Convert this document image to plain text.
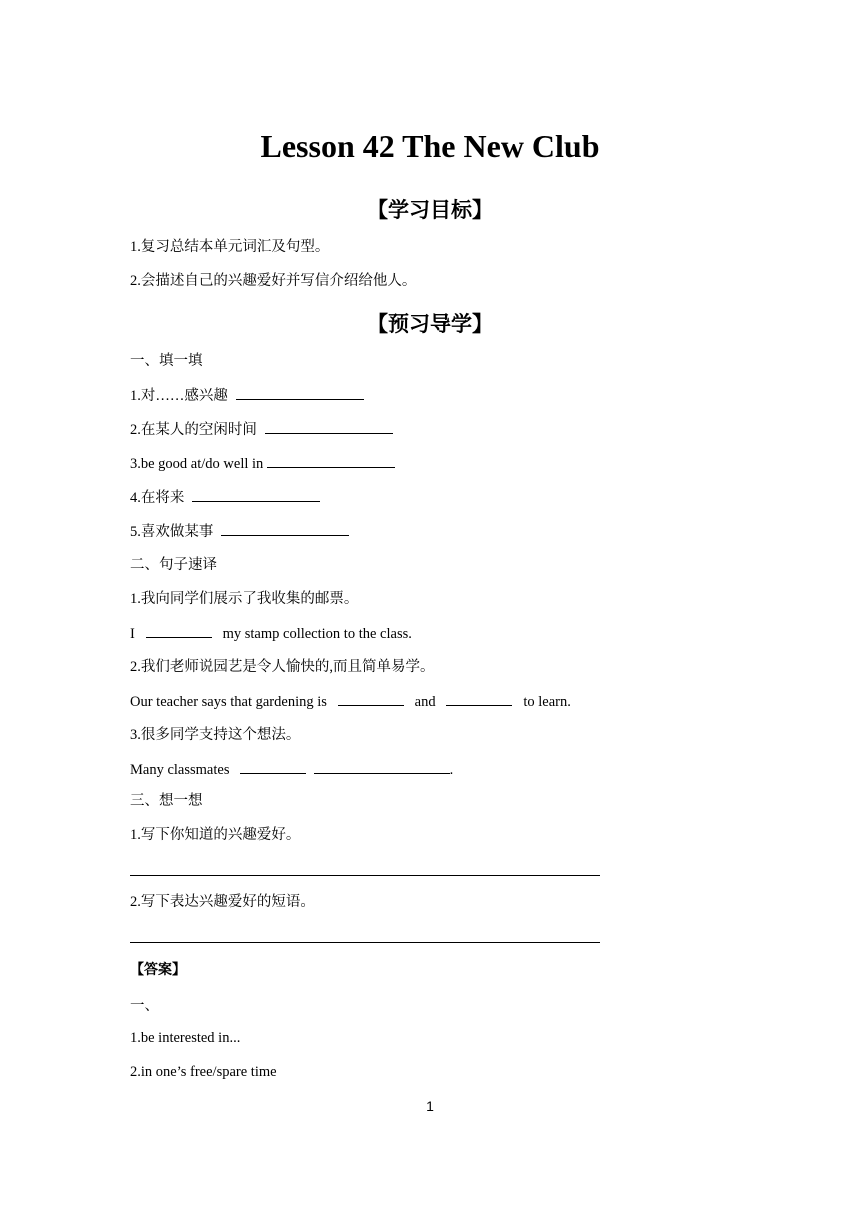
Lesson 42 The New Club
【学习目标】
1.复习总结本单元词汇及句型。
2.会描述自己的兴趣爱好并写信介绍给他人。
【预习导学】
一、填一填
1.对……感兴趣
2.在某人的空闲时间
3.be good at/do well in
4.在将来
5.喜欢做某事
二、句子速译
1.我向同学们展示了我收集的邮票。
I	my stamp collection to the class.
2.我们老师说园艺是令人愉快的,而且简单易学。
Our teacher says that gardening is	and	to learn.
3.很多同学支持这个想法。
Many classmates	.
三、想一想
1.写下你知道的兴趣爱好。
2.写下表达兴趣爱好的短语。
【答案】
一、
1.be interested in...
2.in one’s free/spare time
1
